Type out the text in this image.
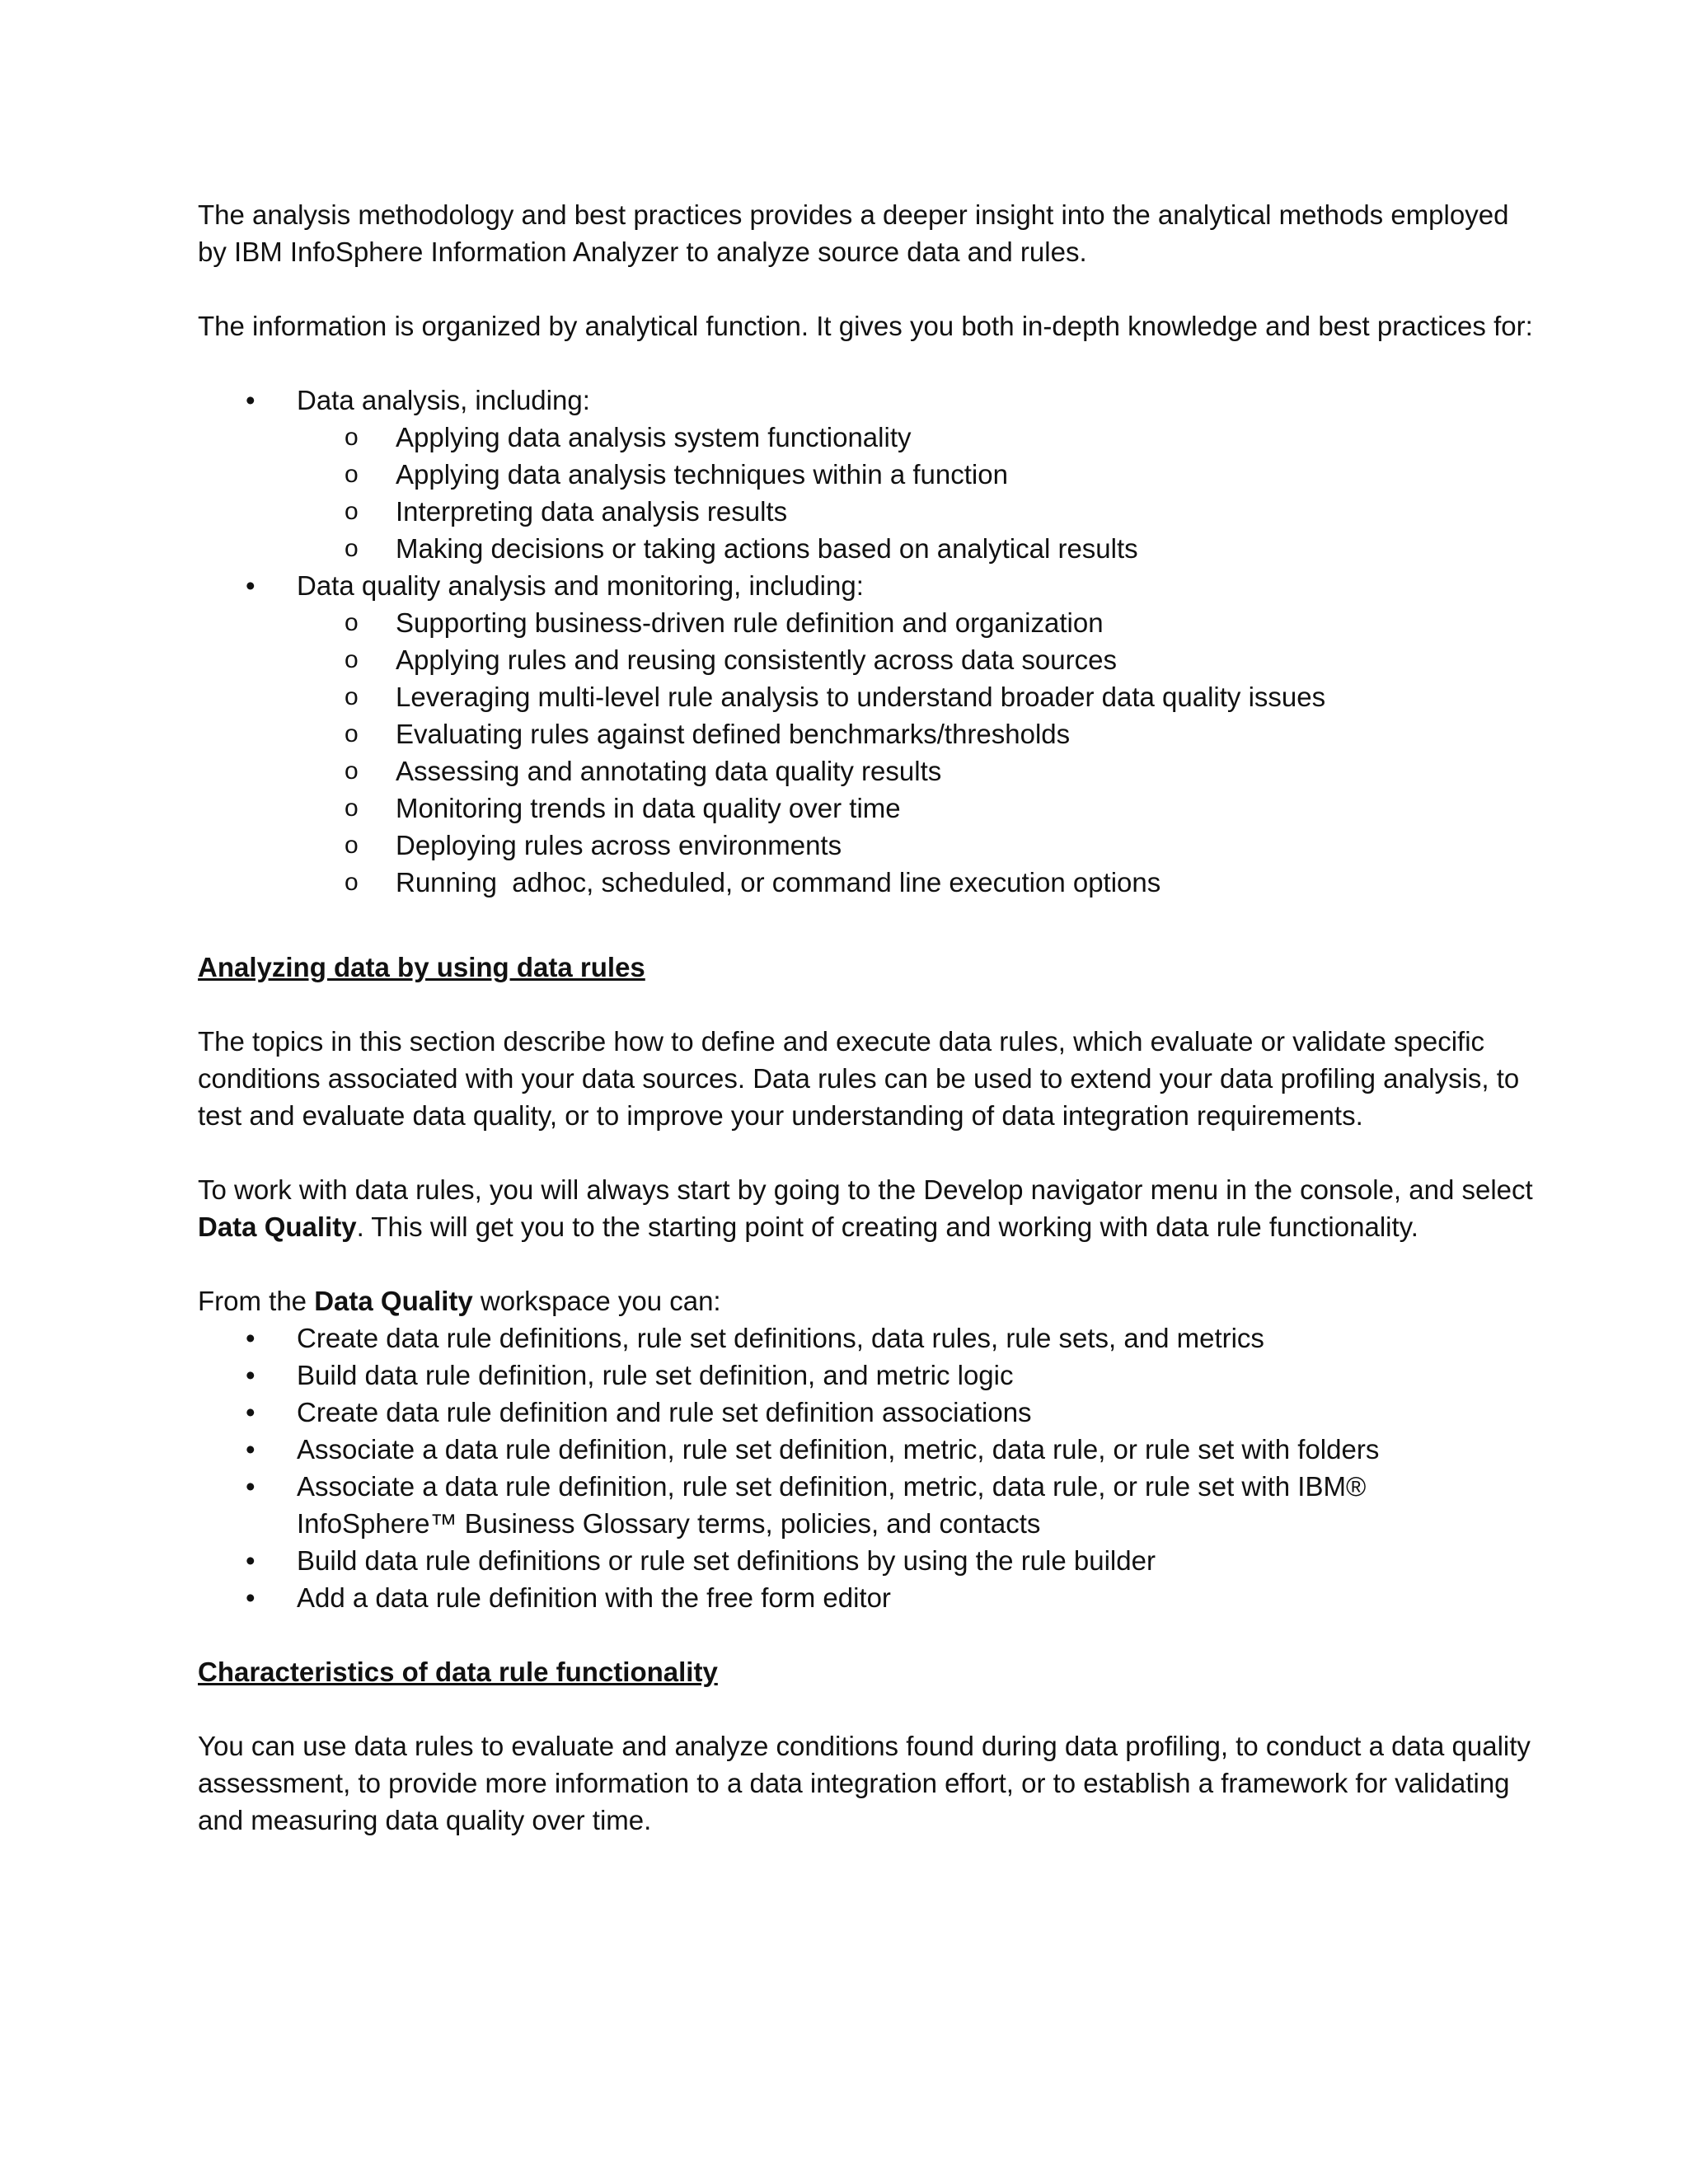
The analysis methodology and best practices provides a deeper insight into the analytical methods employed by IBM InfoSphere Information Analyzer to analyze source data and rules.

The information is organized by analytical function. It gives you both in-depth knowledge and best practices for:

• Data analysis, including:
o Applying data analysis system functionality
o Applying data analysis techniques within a function
o Interpreting data analysis results
o Making decisions or taking actions based on analytical results
• Data quality analysis and monitoring, including:
o Supporting business-driven rule definition and organization
o Applying rules and reusing consistently across data sources
o Leveraging multi-level rule analysis to understand broader data quality issues
o Evaluating rules against defined benchmarks/thresholds
o Assessing and annotating data quality results
o Monitoring trends in data quality over time
o Deploying rules across environments
o Running  adhoc, scheduled, or command line execution options

Analyzing data by using data rules

The topics in this section describe how to define and execute data rules, which evaluate or validate specific conditions associated with your data sources. Data rules can be used to extend your data profiling analysis, to test and evaluate data quality, or to improve your understanding of data integration requirements.

To work with data rules, you will always start by going to the Develop navigator menu in the console, and select Data Quality. This will get you to the starting point of creating and working with data rule functionality.

From the Data Quality workspace you can:

• Create data rule definitions, rule set definitions, data rules, rule sets, and metrics
• Build data rule definition, rule set definition, and metric logic
• Create data rule definition and rule set definition associations
• Associate a data rule definition, rule set definition, metric, data rule, or rule set with folders
• Associate a data rule definition, rule set definition, metric, data rule, or rule set with IBM® InfoSphere™ Business Glossary terms, policies, and contacts
• Build data rule definitions or rule set definitions by using the rule builder
• Add a data rule definition with the free form editor

Characteristics of data rule functionality

You can use data rules to evaluate and analyze conditions found during data profiling, to conduct a data quality assessment, to provide more information to a data integration effort, or to establish a framework for validating and measuring data quality over time.
